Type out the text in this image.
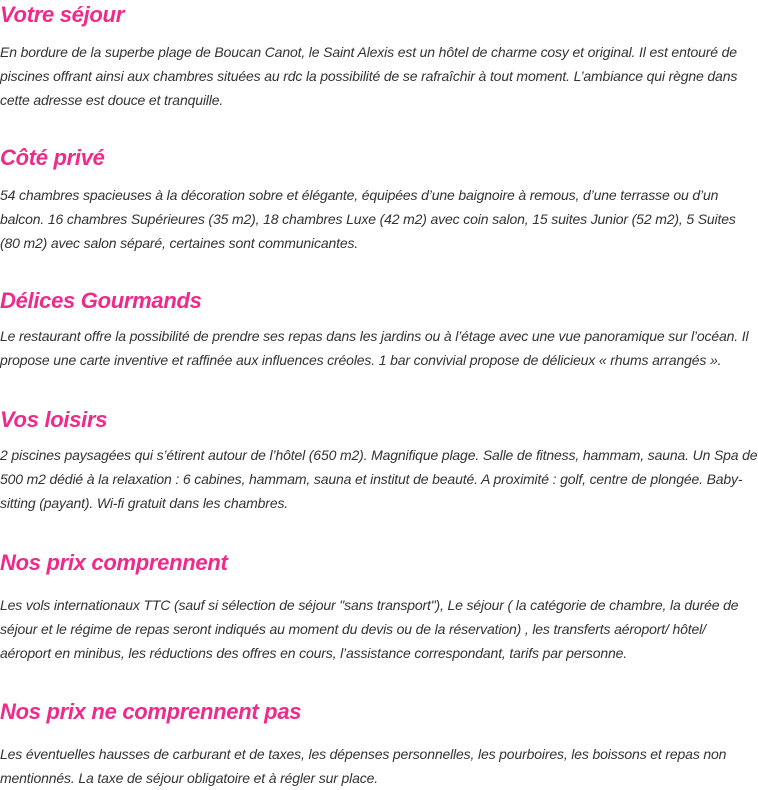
Votre séjour

En bordure de la superbe plage de Boucan Canot, le Saint Alexis est un hôtel de charme cosy et original. Il est entouré de piscines offrant ainsi aux chambres situées au rdc la possibilité de se rafraîchir à tout moment. L’ambiance qui règne dans cette adresse est douce et tranquille.

Côté privé

54 chambres spacieuses à la décoration sobre et élégante, équipées d’une baignoire à remous, d’une terrasse ou d’un balcon. 16 chambres Supérieures (35 m2), 18 chambres Luxe (42 m2) avec coin salon, 15 suites Junior (52 m2), 5 Suites (80 m2) avec salon séparé, certaines sont communicantes.

Délices Gourmands

Le restaurant offre la possibilité de prendre ses repas dans les jardins ou à l’étage avec une vue panoramique sur l’océan. Il propose une carte inventive et raffinée aux influences créoles. 1 bar convivial propose de délicieux « rhums arrangés ».

Vos loisirs

2 piscines paysagées qui s’étirent autour de l’hôtel (650 m2). Magnifique plage. Salle de fitness, hammam, sauna. Un Spa de 500 m2 dédié à la relaxation : 6 cabines, hammam, sauna et institut de beauté. A proximité : golf, centre de plongée. Baby-sitting (payant). Wi-fi gratuit dans les chambres.

Nos prix comprennent

Les vols internationaux TTC (sauf si sélection de séjour "sans transport"), Le séjour ( la catégorie de chambre, la durée de séjour et le régime de repas seront indiqués au moment du devis ou de la réservation) , les transferts aéroport/ hôtel/ aéroport en minibus, les réductions des offres en cours, l’assistance correspondant, tarifs par personne.

Nos prix ne comprennent pas

Les éventuelles hausses de carburant et de taxes, les dépenses personnelles, les pourboires, les boissons et repas non mentionnés. La taxe de séjour obligatoire et à régler sur place.
